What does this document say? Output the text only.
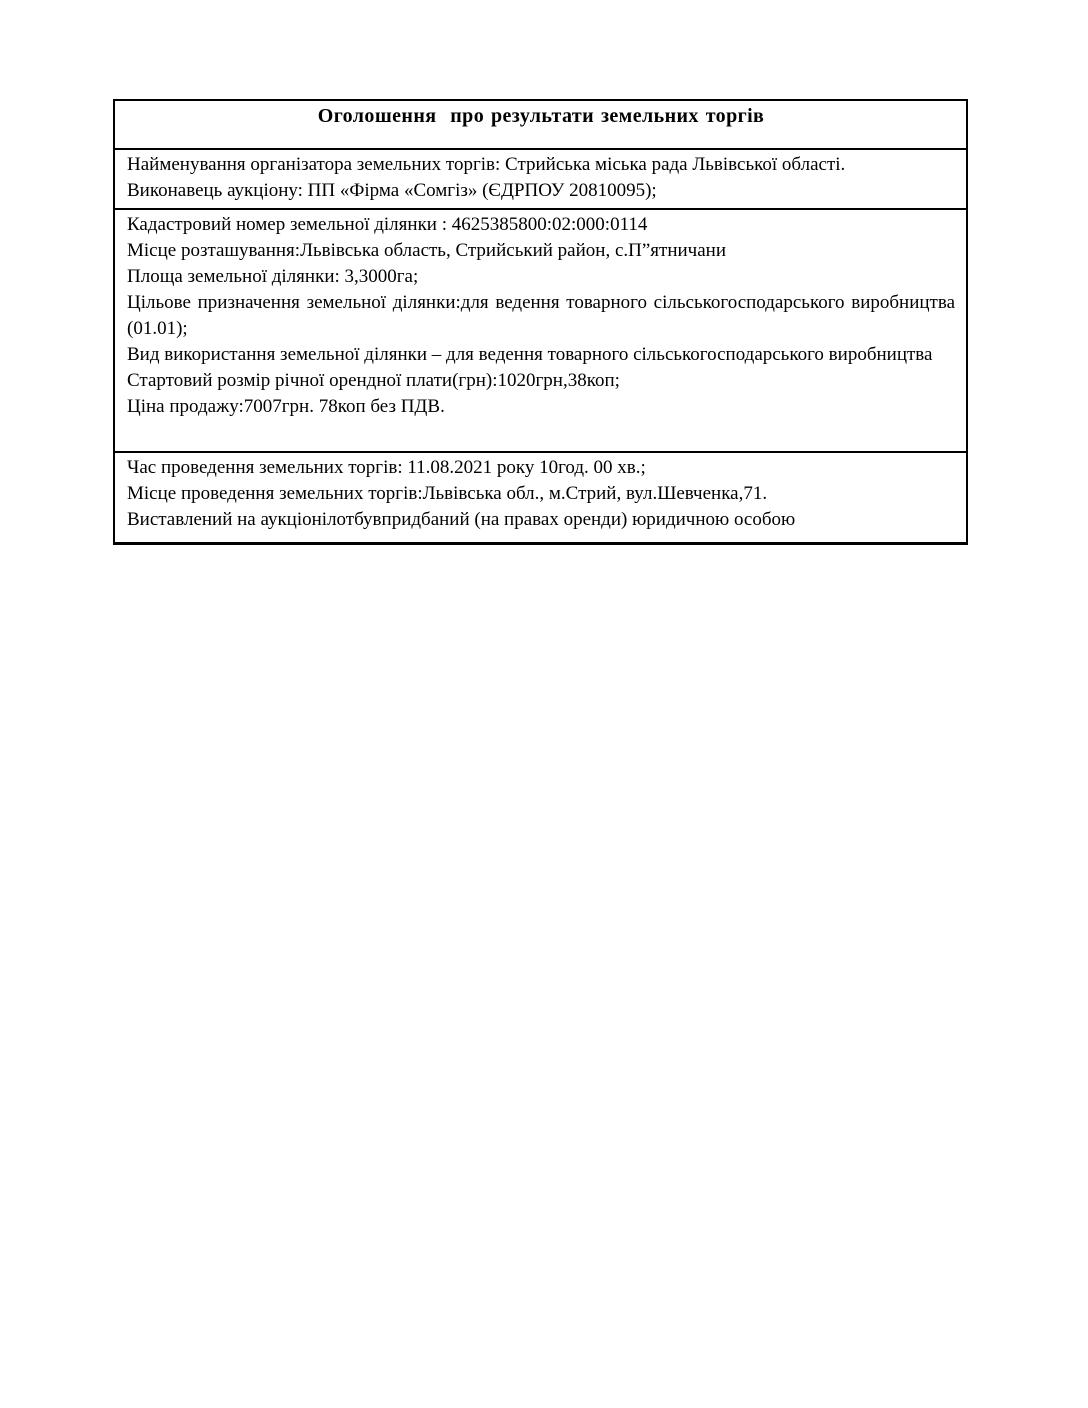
Оголошення  про результати земельних торгів

Найменування організатора земельних торгів: Стрийська міська рада Львівської області.

Виконавець аукціону: ПП «Фірма «Сомгіз» (ЄДРПОУ 20810095);

Кадастровий номер земельної ділянки : 4625385800:02:000:0114

Місце розташування:Львівська область, Стрийський район, с.П”ятничани

Площа земельної ділянки: 3,3000га;

Цільове призначення земельної ділянки:для ведення товарного сільськогосподарського виробництва (01.01);

Вид використання земельної ділянки – для ведення товарного сільськогосподарського виробництва

Стартовий розмір річної орендної плати(грн):1020грн,38коп;

Ціна продажу:7007грн. 78коп без ПДВ.

Час проведення земельних торгів: 11.08.2021 року 10год. 00 хв.;

Місце проведення земельних торгів:Львівська обл., м.Стрий, вул.Шевченка,71.

Виставлений на аукціонілотбувпридбаний (на правах оренди) юридичною особою
